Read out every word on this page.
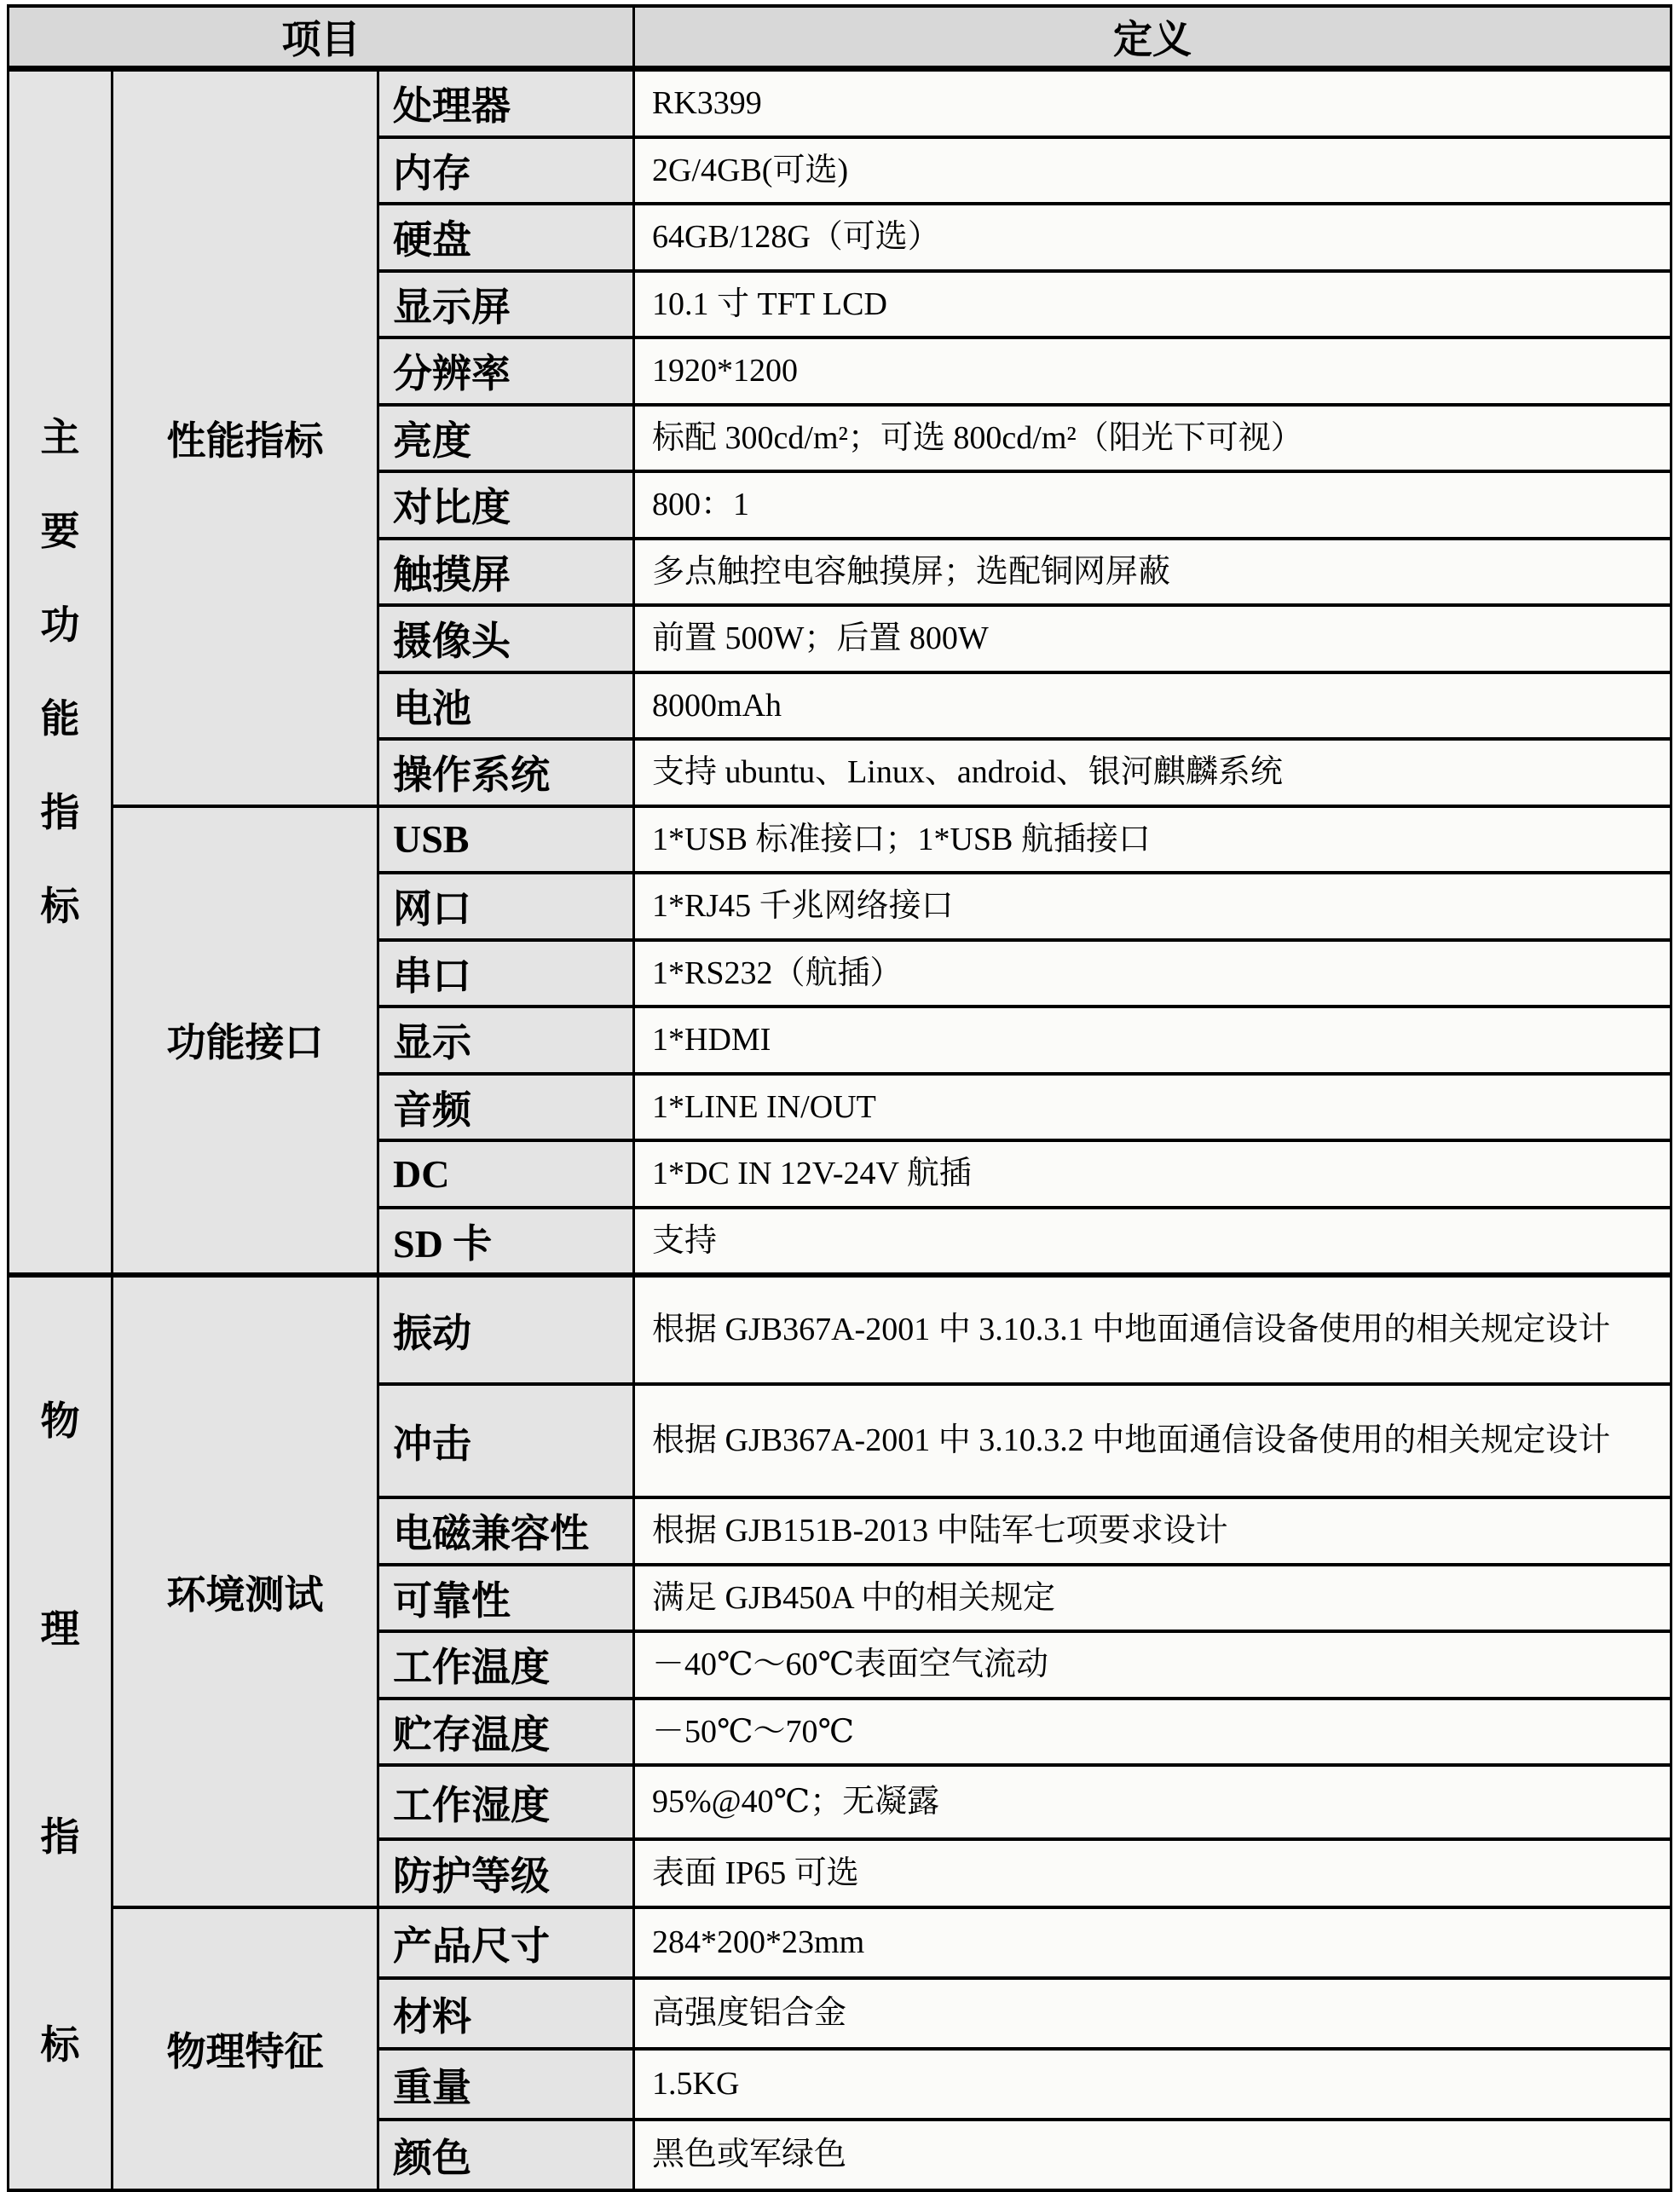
项目			定义
主要功能指标	性能指标	处理器	RK3399
		内存	2G/4GB(可选)
		硬盘	64GB/128G（可选）
		显示屏	10.1 寸 TFT LCD
		分辨率	1920*1200
		亮度	标配 300cd/m²；可选 800cd/m²（阳光下可视）
		对比度	800：1
		触摸屏	多点触控电容触摸屏；选配铜网屏蔽
		摄像头	前置 500W；后置 800W
		电池	8000mAh
		操作系统	支持 ubuntu、Linux、android、银河麒麟系统
	功能接口	USB	1*USB 标准接口；1*USB 航插接口
		网口	1*RJ45 千兆网络接口
		串口	1*RS232（航插）
		显示	1*HDMI
		音频	1*LINE IN/OUT
		DC	1*DC IN 12V-24V 航插
		SD 卡	支持
物理指标	环境测试	振动	根据 GJB367A-2001 中 3.10.3.1 中地面通信设备使用的相关规定设计
		冲击	根据 GJB367A-2001 中 3.10.3.2 中地面通信设备使用的相关规定设计
		电磁兼容性	根据 GJB151B-2013 中陆军七项要求设计
		可靠性	满足 GJB450A 中的相关规定
		工作温度	－40℃～60℃表面空气流动
		贮存温度	－50℃～70℃
		工作湿度	95%@40℃；无凝露
		防护等级	表面 IP65 可选
	物理特征	产品尺寸	284*200*23mm
		材料	高强度铝合金
		重量	1.5KG
		颜色	黑色或军绿色
